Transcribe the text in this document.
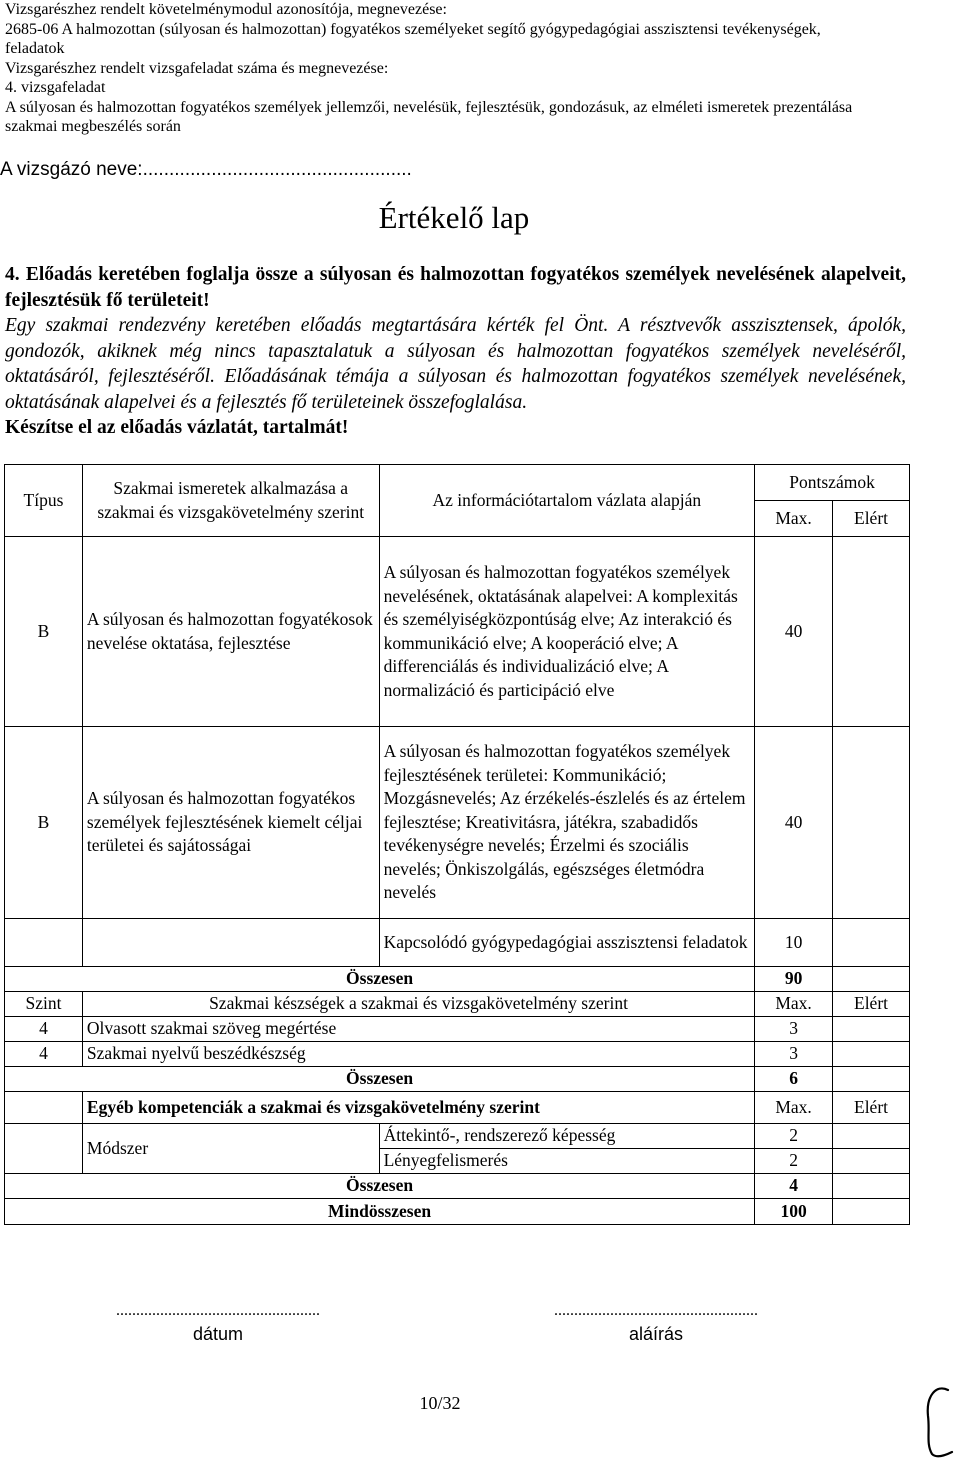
Vizsgarészhez rendelt követelménymodul azonosítója, megnevezése:
2685-06 A halmozottan (súlyosan és halmozottan) fogyatékos személyeket segítő gyógypedagógiai asszisztensi tevékenységek,
feladatok
Vizsgarészhez rendelt vizsgafeladat száma és megnevezése:
4. vizsgafeladat
A súlyosan és halmozottan fogyatékos személyek jellemzői, nevelésük, fejlesztésük, gondozásuk, az elméleti ismeretek prezentálása
szakmai megbeszélés során
A vizsgázó neve:...................................................
Értékelő lap

4. Előadás keretében foglalja össze a súlyosan és halmozottan fogyatékos személyek nevelésének alapelveit, fejlesztésük fő területeit!

Egy szakmai rendezvény keretében előadás megtartására kérték fel Önt. A résztvevők asszisztensek, ápolók, gondozók, akiknek még nincs tapasztalatuk a súlyosan és halmozottan fogyatékos személyek neveléséről, oktatásáról, fejlesztéséről. Előadásának témája a súlyosan és halmozottan fogyatékos személyek nevelésének, oktatásának alapelvei és a fejlesztés fő területeinek összefoglalása.

Készítse el az előadás vázlatát, tartalmát!

Típus	Szakmai ismeretek alkalmazása a szakmai és vizsgakövetelmény szerint	Az információtartalom vázlata alapján	Pontszámok	
			Max.	Elért
B	A súlyosan és halmozottan fogyatékosok nevelése oktatása, fejlesztése	A súlyosan és halmozottan fogyatékos személyek nevelésének, oktatásának alapelvei: A komplexitás és személyiségközpontúság elve; Az interakció és kommunikáció elve; A kooperáció elve; A differenciálás és individualizáció elve; A normalizáció és participáció elve	40	
B	A súlyosan és halmozottan fogyatékos személyek fejlesztésének kiemelt céljai területei és sajátosságai	A súlyosan és halmozottan fogyatékos személyek fejlesztésének területei: Kommunikáció; Mozgásnevelés; Az érzékelés-észlelés és az értelem fejlesztése; Kreativitásra, játékra, szabadidős tevékenységre nevelés; Érzelmi és szociális nevelés; Önkiszolgálás, egészséges életmódra nevelés	40	
		Kapcsolódó gyógypedagógiai asszisztensi feladatok	10	
Összesen			90	
Szint	Szakmai készségek a szakmai és vizsgakövetelmény szerint		Max.	Elért
4	Olvasott szakmai szöveg megértése		3	
4	Szakmai nyelvű beszédkészség		3	
Összesen			6	
	Egyéb kompetenciák a szakmai és vizsgakövetelmény szerint		Max.	Elért
	Módszer	Áttekintő-, rendszerező képesség	2	
		Lényegfelismerés	2	
Összesen			4	
Mindösszesen			100	
...................................................
dátum
...................................................
aláírás
10/32
